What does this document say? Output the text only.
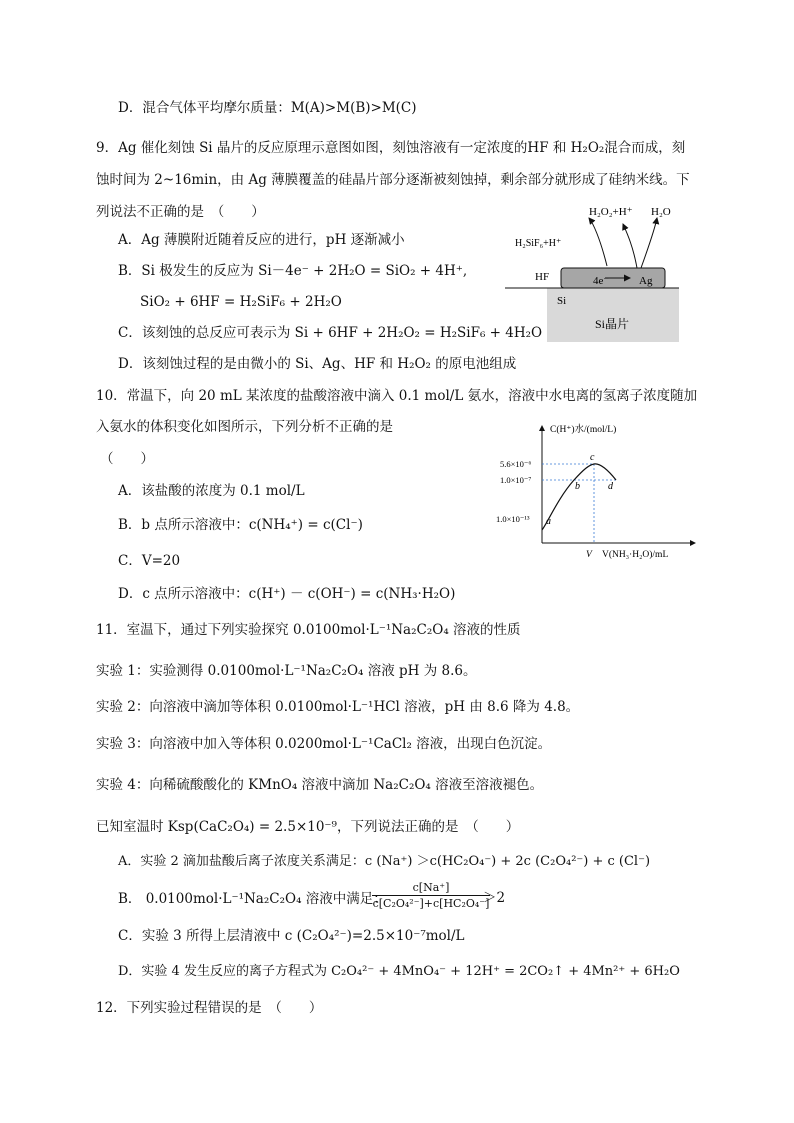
D．混合气体平均摩尔质量：M(A)>M(B)>M(C)
9．Ag 催化刻蚀 Si 晶片的反应原理示意图如图，刻蚀溶液有一定浓度的HF 和 H₂O₂混合而成，刻
蚀时间为 2~16min，由 Ag 薄膜覆盖的硅晶片部分逐渐被刻蚀掉，剩余部分就形成了硅纳米线。下
列说法不正确的是　（　　）
A．Ag 薄膜附近随着反应的进行，pH 逐渐减小
B．Si 极发生的反应为 Si－4e⁻ + 2H₂O = SiO₂ + 4H⁺,
SiO₂ + 6HF = H₂SiF₆ + 2H₂O
C．该刻蚀的总反应可表示为 Si + 6HF + 2H₂O₂ = H₂SiF₆ + 4H₂O
D．该刻蚀过程的是由微小的 Si、Ag、HF 和 H₂O₂ 的原电池组成
10．常温下，向 20 mL 某浓度的盐酸溶液中滴入 0.1 mol/L 氨水，溶液中水电离的氢离子浓度随加
入氨水的体积变化如图所示，下列分析不正确的是
（　　）
A．该盐酸的浓度为 0.1 mol/L
B．b 点所示溶液中：c(NH₄⁺) = c(Cl⁻)
C．V=20
D．c 点所示溶液中：c(H⁺) － c(OH⁻) = c(NH₃·H₂O)
11．室温下，通过下列实验探究 0.0100mol·L⁻¹Na₂C₂O₄ 溶液的性质
实验 1：实验测得 0.0100mol·L⁻¹Na₂C₂O₄ 溶液 pH 为 8.6。
实验 2：向溶液中滴加等体积 0.0100mol·L⁻¹HCl 溶液，pH 由 8.6 降为 4.8。
实验 3：向溶液中加入等体积 0.0200mol·L⁻¹CaCl₂ 溶液，出现白色沉淀。
实验 4：向稀硫酸酸化的 KMnO₄ 溶液中滴加 Na₂C₂O₄ 溶液至溶液褪色。
已知室温时 Ksp(CaC₂O₄) = 2.5×10⁻⁹，下列说法正确的是　（　　）
A．实验 2 滴加盐酸后离子浓度关系满足：c (Na⁺) ＞c(HC₂O₄⁻) + 2c (C₂O₄²⁻) + c (Cl⁻)
B． 0.0100mol·L⁻¹Na₂C₂O₄ 溶液中满足：
$\frac{c[Na^+]}{\text{c[C₂O₄²⁻]+c[HC₂O₄⁻]}}$
＞2
C．实验 3 所得上层清液中 c (C₂O₄²⁻)=2.5×10⁻⁷mol/L
D．实验 4 发生反应的离子方程式为 C₂O₄²⁻ + 4MnO₄⁻ + 12H⁺ = 2CO₂↑ + 4Mn²⁺ + 6H₂O
12．下列实验过程错误的是　（　　）
H₂O₂+H⁺ H₂O
H₂SiF₆+H⁺
HF	4e⁻	Ag
Si
Si晶片
C(H⁺)水/(mol/L)
V(NH₃·H₂O)/mL
V
5.6×10⁻⁶
1.0×10⁻⁷
1.0×10⁻¹³ a
b
c
d
